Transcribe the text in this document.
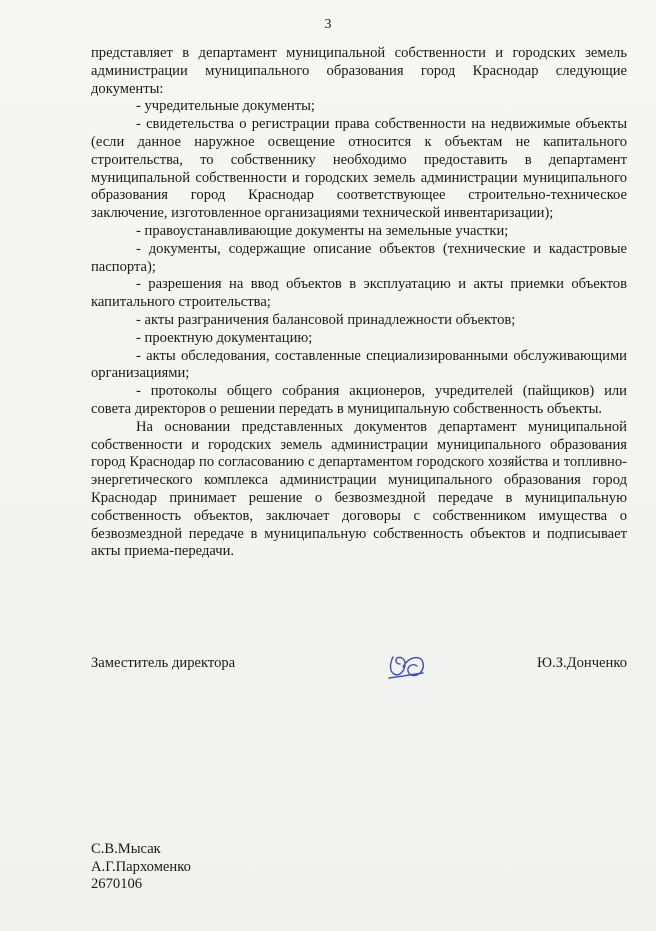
3

представляет в департамент муниципальной собственности и городских земель администрации муниципального образования город Краснодар следующие документы:

- учредительные документы;

- свидетельства о регистрации права собственности на недвижимые объекты (если данное наружное освещение относится к объектам не капитального строительства, то собственнику необходимо предоставить в департамент муниципальной собственности и городских земель администрации муниципального образования город Краснодар соответствующее строительно-техническое заключение, изготовленное организациями технической инвентаризации);

- правоустанавливающие документы на земельные участки;

- документы, содержащие описание объектов (технические и кадастровые паспорта);

- разрешения на ввод объектов в эксплуатацию и акты приемки объектов капитального строительства;

- акты разграничения балансовой принадлежности объектов;

- проектную документацию;

- акты обследования, составленные специализированными обслуживающими организациями;

- протоколы общего собрания акционеров, учредителей (пайщиков) или совета директоров о решении передать в муниципальную собственность объекты.

На основании представленных документов департамент муниципальной собственности и городских земель администрации муниципального образования город Краснодар по согласованию с департаментом городского хозяйства и топливно-энергетического комплекса администрации муниципального образования город Краснодар принимает решение о безвозмездной передаче в муниципальную собственность объектов, заключает договоры с собственником имущества о безвозмездной передаче в муниципальную собственность объектов и подписывает акты приема-передачи.

Заместитель директора	Ю.З.Донченко
С.В.Мысак
А.Г.Пархоменко
2670106
